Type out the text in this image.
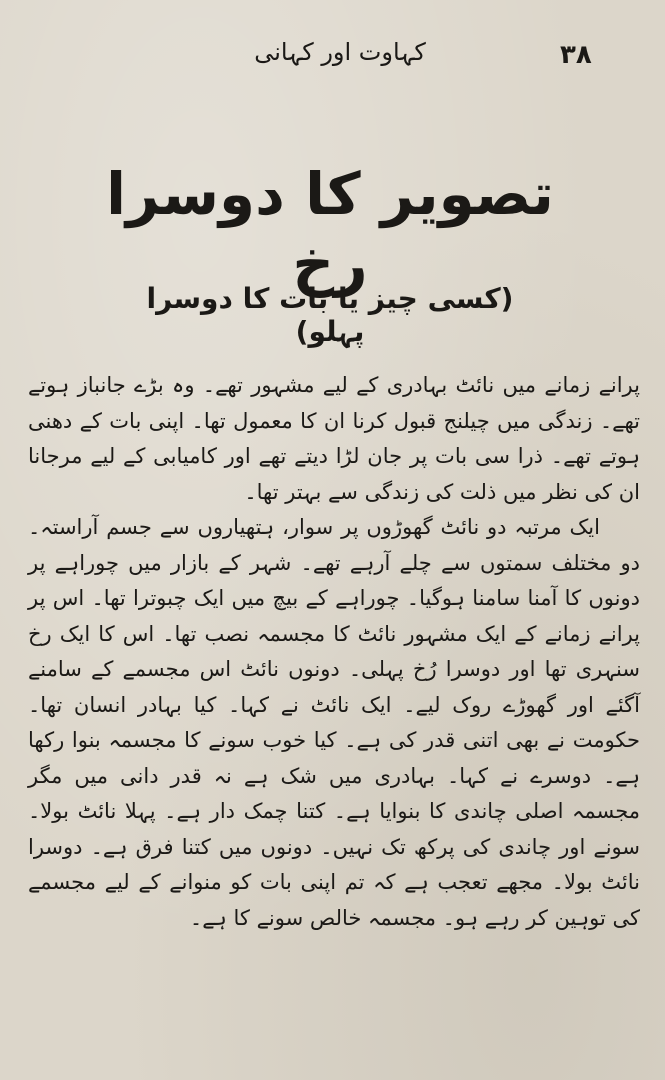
۳۸
کہاوت اور کہانی
تصویر کا دوسرا رخ
(کسی چیز یا بات کا دوسرا پہلو)

پرانے زمانے میں نائٹ بہادری کے لیے مشہور تھے۔ وہ بڑے جانباز ہوتے تھے۔ زندگی میں چیلنج قبول کرنا ان کا معمول تھا۔ اپنی بات کے دھنی ہوتے تھے۔ ذرا سی بات پر جان لڑا دیتے تھے اور کامیابی کے لیے مرجانا ان کی نظر میں ذلت کی زندگی سے بہتر تھا۔

ایک مرتبہ دو نائٹ گھوڑوں پر سوار، ہتھیاروں سے جسم آراستہ۔ دو مختلف سمتوں سے چلے آرہے تھے۔ شہر کے بازار میں چوراہے پر دونوں کا آمنا سامنا ہوگیا۔ چوراہے کے بیچ میں ایک چبوترا تھا۔ اس پر پرانے زمانے کے ایک مشہور نائٹ کا مجسمہ نصب تھا۔ اس کا ایک رخ سنہری تھا اور دوسرا رُخ پہلی۔ دونوں نائٹ اس مجسمے کے سامنے آگئے اور گھوڑے روک لیے۔ ایک نائٹ نے کہا۔ کیا بہادر انسان تھا۔ حکومت نے بھی اتنی قدر کی ہے۔ کیا خوب سونے کا مجسمہ بنوا رکھا ہے۔ دوسرے نے کہا۔ بہادری میں شک ہے نہ قدر دانی میں مگر مجسمہ اصلی چاندی کا بنوایا ہے۔ کتنا چمک دار ہے۔ پہلا نائٹ بولا۔ سونے اور چاندی کی پرکھ تک نہیں۔ دونوں میں کتنا فرق ہے۔ دوسرا نائٹ بولا۔ مجھے تعجب ہے کہ تم اپنی بات کو منوانے کے لیے مجسمے کی توہین کر رہے ہو۔ مجسمہ خالص سونے کا ہے۔
